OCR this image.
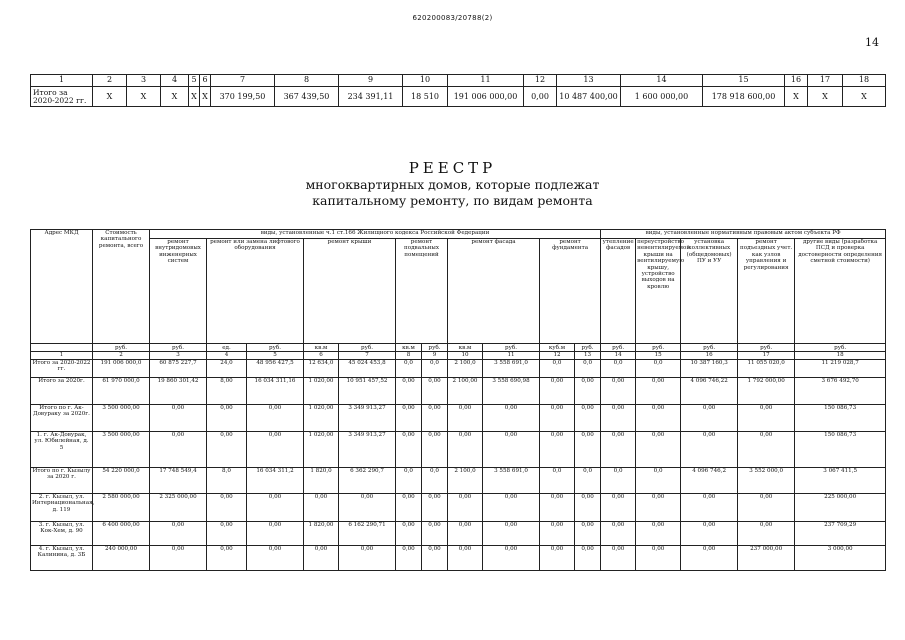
620200083/20788(2)
14
1	2	3	4	5	6	7	8	9	10	11	12	13	14	15	16	17	18
Итого за 2020-2022 гг.	X	X	X	X	X	370 199,50	367 439,50	234 391,11	18 510	191 006 000,00	0,00	10 487 400,00	1 600 000,00	178 918 600,00	X	X	X
РЕЕСТР
многоквартирных домов, которые подлежат
капитальному ремонту, по видам ремонта
Адрес МКД	Стоимость капитального ремонта, всего	виды, установленные ч.1 ст.166 Жилищного кодекса Российской Федерации											виды, установленные нормативным правовым актом субъекта РФ				
		ремонт внутридомовых инженерных систем	ремонт или замена лифтового оборудования		ремонт крыши		ремонт подвальных помещений		ремонт фасада		ремонт фундамента		утепление фасадов	переустройство невентилируемой крыши на вентилируемую крышу, устройство выходов на кровлю	установка коллективных (общедомовых) ПУ и УУ	ремонт подъездных учет. как узлов управления и регулирования	другие виды (разработка ПСД и проверка достоверности определения сметной стоимости)
	руб.	руб.	ед.	руб.	кв.м	руб.	кв.м	руб.	кв.м	руб.	куб.м	руб.	руб.	руб.	руб.	руб.	руб.
1	2	3	4	5	6	7	8	9	10	11	12	13	14	15	16	17	18
Итого за 2020-2022 гг.	191 006 000,0	60 875 227,7	24,0	48 956 427,5	12 634,0	45 024 453,8	0,0	0,0	2 100,0	3 558 691,0	0,0	0,0	0,0	0,0	10 387 160,3	11 055 020,0	11 219 028,7
Итого за 2020г.	61 970 000,0	19 860 301,42	8,00	16 034 311,16	1 020,00	10 951 457,52	0,00	0,00	2 100,00	3 558 690,98	0,00	0,00	0,00	0,00	4 096 746,22	1 792 000,00	3 676 492,70
Итого по г. Ак-Довураку за 2020г.	3 500 000,00	0,00	0,00	0,00	1 020,00	3 349 913,27	0,00	0,00	0,00	0,00	0,00	0,00	0,00	0,00	0,00	0,00	150 086,73
1. г. Ак-Довурак, ул. Юбилейная, д. 5	3 500 000,00	0,00	0,00	0,00	1 020,00	3 349 913,27	0,00	0,00	0,00	0,00	0,00	0,00	0,00	0,00	0,00	0,00	150 086,73
Итого по г. Кызылу за 2020 г.	54 220 000,0	17 748 549,4	8,0	16 034 311,2	1 820,0	6 362 290,7	0,0	0,0	2 100,0	3 558 691,0	0,0	0,0	0,0	0,0	4 096 746,2	3 552 000,0	3 067 411,5
2. г. Кызыл, ул. Интернациональная, д. 119	2 580 000,00	2 325 000,00	0,00	0,00	0,00	0,00	0,00	0,00	0,00	0,00	0,00	0,00	0,00	0,00	0,00	0,00	225 000,00
3. г. Кызыл, ул. Кок-Хем, д. 90	6 400 000,00	0,00	0,00	0,00	1 820,00	6 162 290,71	0,00	0,00	0,00	0,00	0,00	0,00	0,00	0,00	0,00	0,00	237 709,29
4. г. Кызыл, ул. Калинина, д. 3Б	240 000,00	0,00	0,00	0,00	0,00	0,00	0,00	0,00	0,00	0,00	0,00	0,00	0,00	0,00	0,00	237 000,00	3 000,00
